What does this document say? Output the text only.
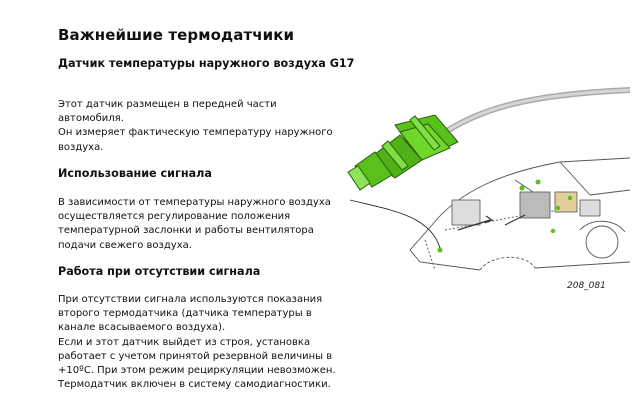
Важнейшие термодатчики
Датчик температуры наружного воздуха G17

Этот датчик размещен в передней части
автомобиля.
Он измеряет фактическую температуру наружного
воздуха.

Использование сигнала

В зависимости от температуры наружного воздуха
осуществляется регулирование положения
температурной заслонки и работы вентилятора
подачи свежего воздуха.

Работа при отсутствии сигнала

При отсутствии сигнала используются показания
второго термодатчика (датчика температуры в
канале всасываемого воздуха).
Если и этот датчик выйдет из строя, установка
работает с учетом принятой резервной величины в
+10ºС. При этом режим рециркуляции невозможен.
Термодатчик включен в систему самодиагностики.

208_081
